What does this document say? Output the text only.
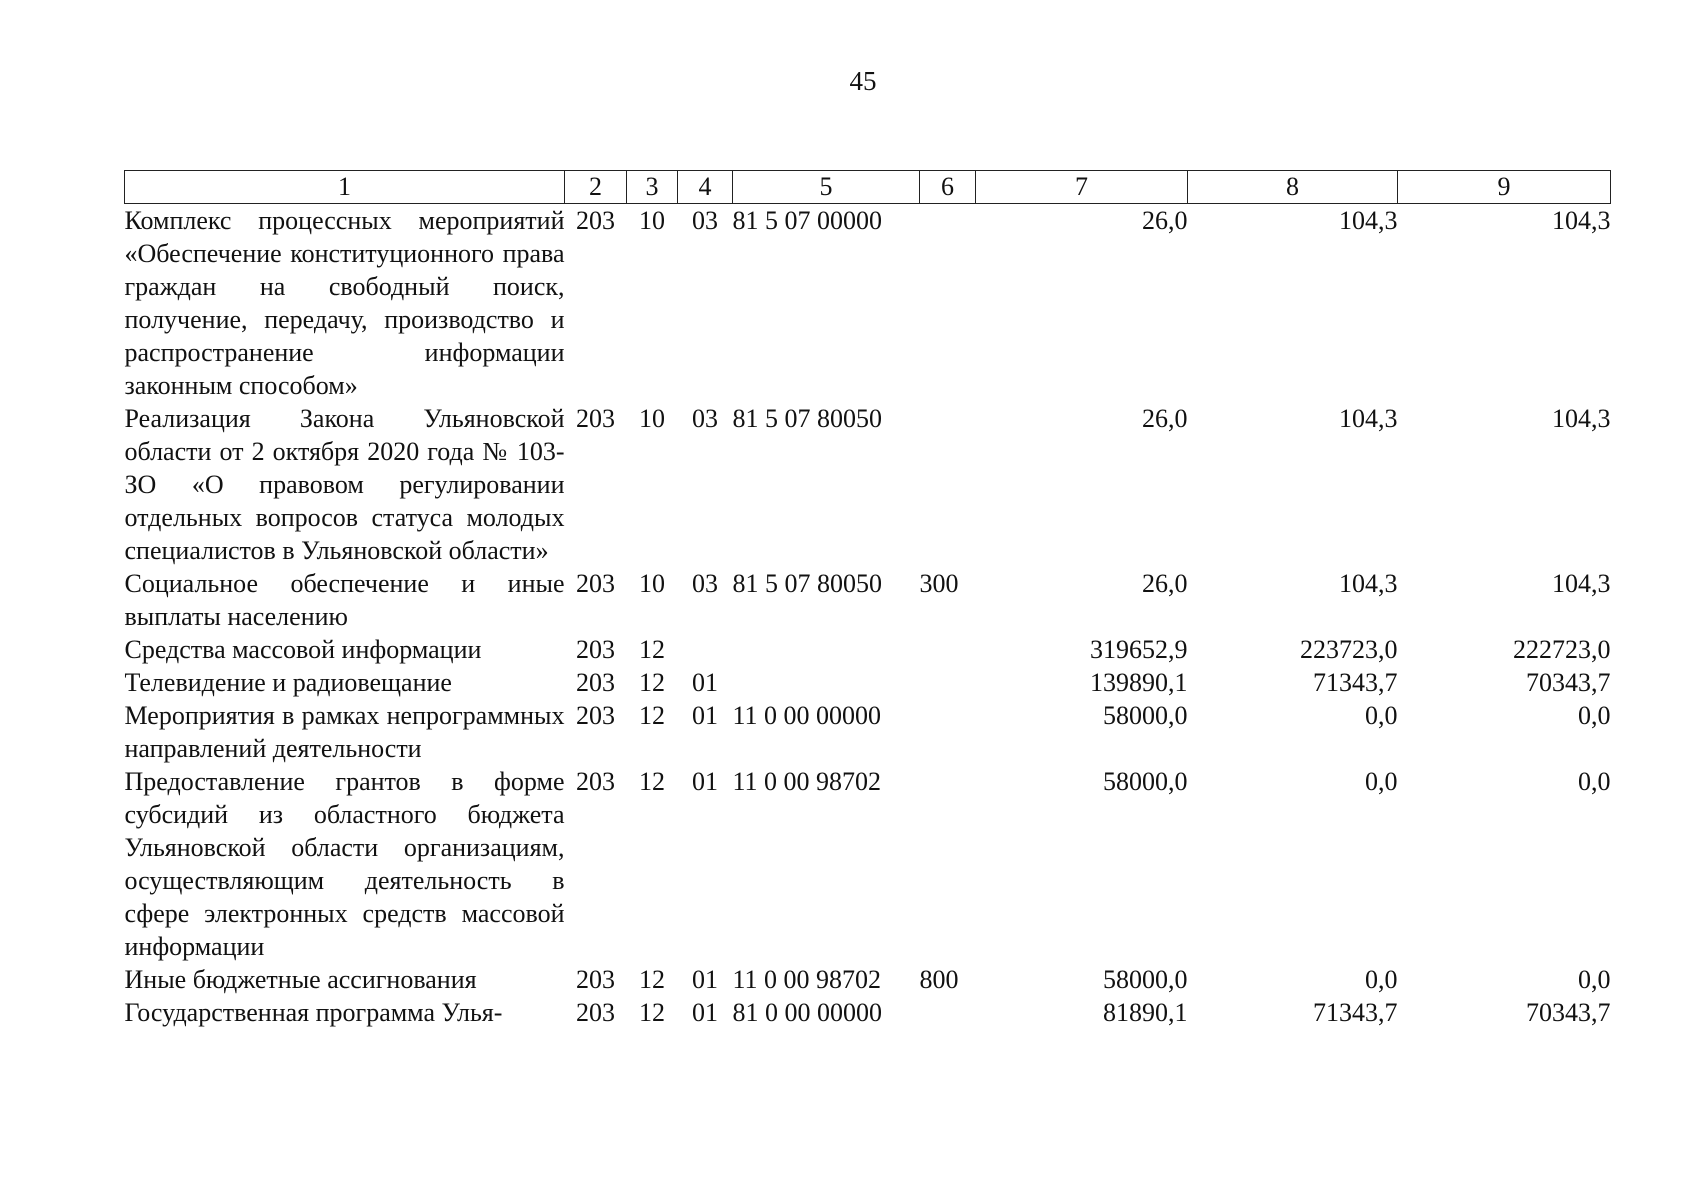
45
1	2	3	4	5	6	7	8	9
Комплекс процессных мероприятий «Обеспечение конституционного права граждан на свободный поиск, получение, передачу, производство и распространение информации законным способом»	203	10	03	81 5 07 00000		26,0	104,3	104,3
Реализация Закона Ульяновской области от 2 октября 2020 года № 103-ЗО «О правовом регулировании отдельных вопросов статуса молодых специалистов в Ульяновской области»	203	10	03	81 5 07 80050		26,0	104,3	104,3
Социальное обеспечение и иные выплаты населению	203	10	03	81 5 07 80050	300	26,0	104,3	104,3
Средства массовой информации	203	12				319652,9	223723,0	222723,0
Телевидение и радиовещание	203	12	01			139890,1	71343,7	70343,7
Мероприятия в рамках непрограммных направлений деятельности	203	12	01	11 0 00 00000		58000,0	0,0	0,0
Предоставление грантов в форме субсидий из областного бюджета Ульяновской области организациям, осуществляющим деятельность в сфере электронных средств массовой информации	203	12	01	11 0 00 98702		58000,0	0,0	0,0
Иные бюджетные ассигнования	203	12	01	11 0 00 98702	800	58000,0	0,0	0,0
Государственная программа Улья-	203	12	01	81 0 00 00000		81890,1	71343,7	70343,7
